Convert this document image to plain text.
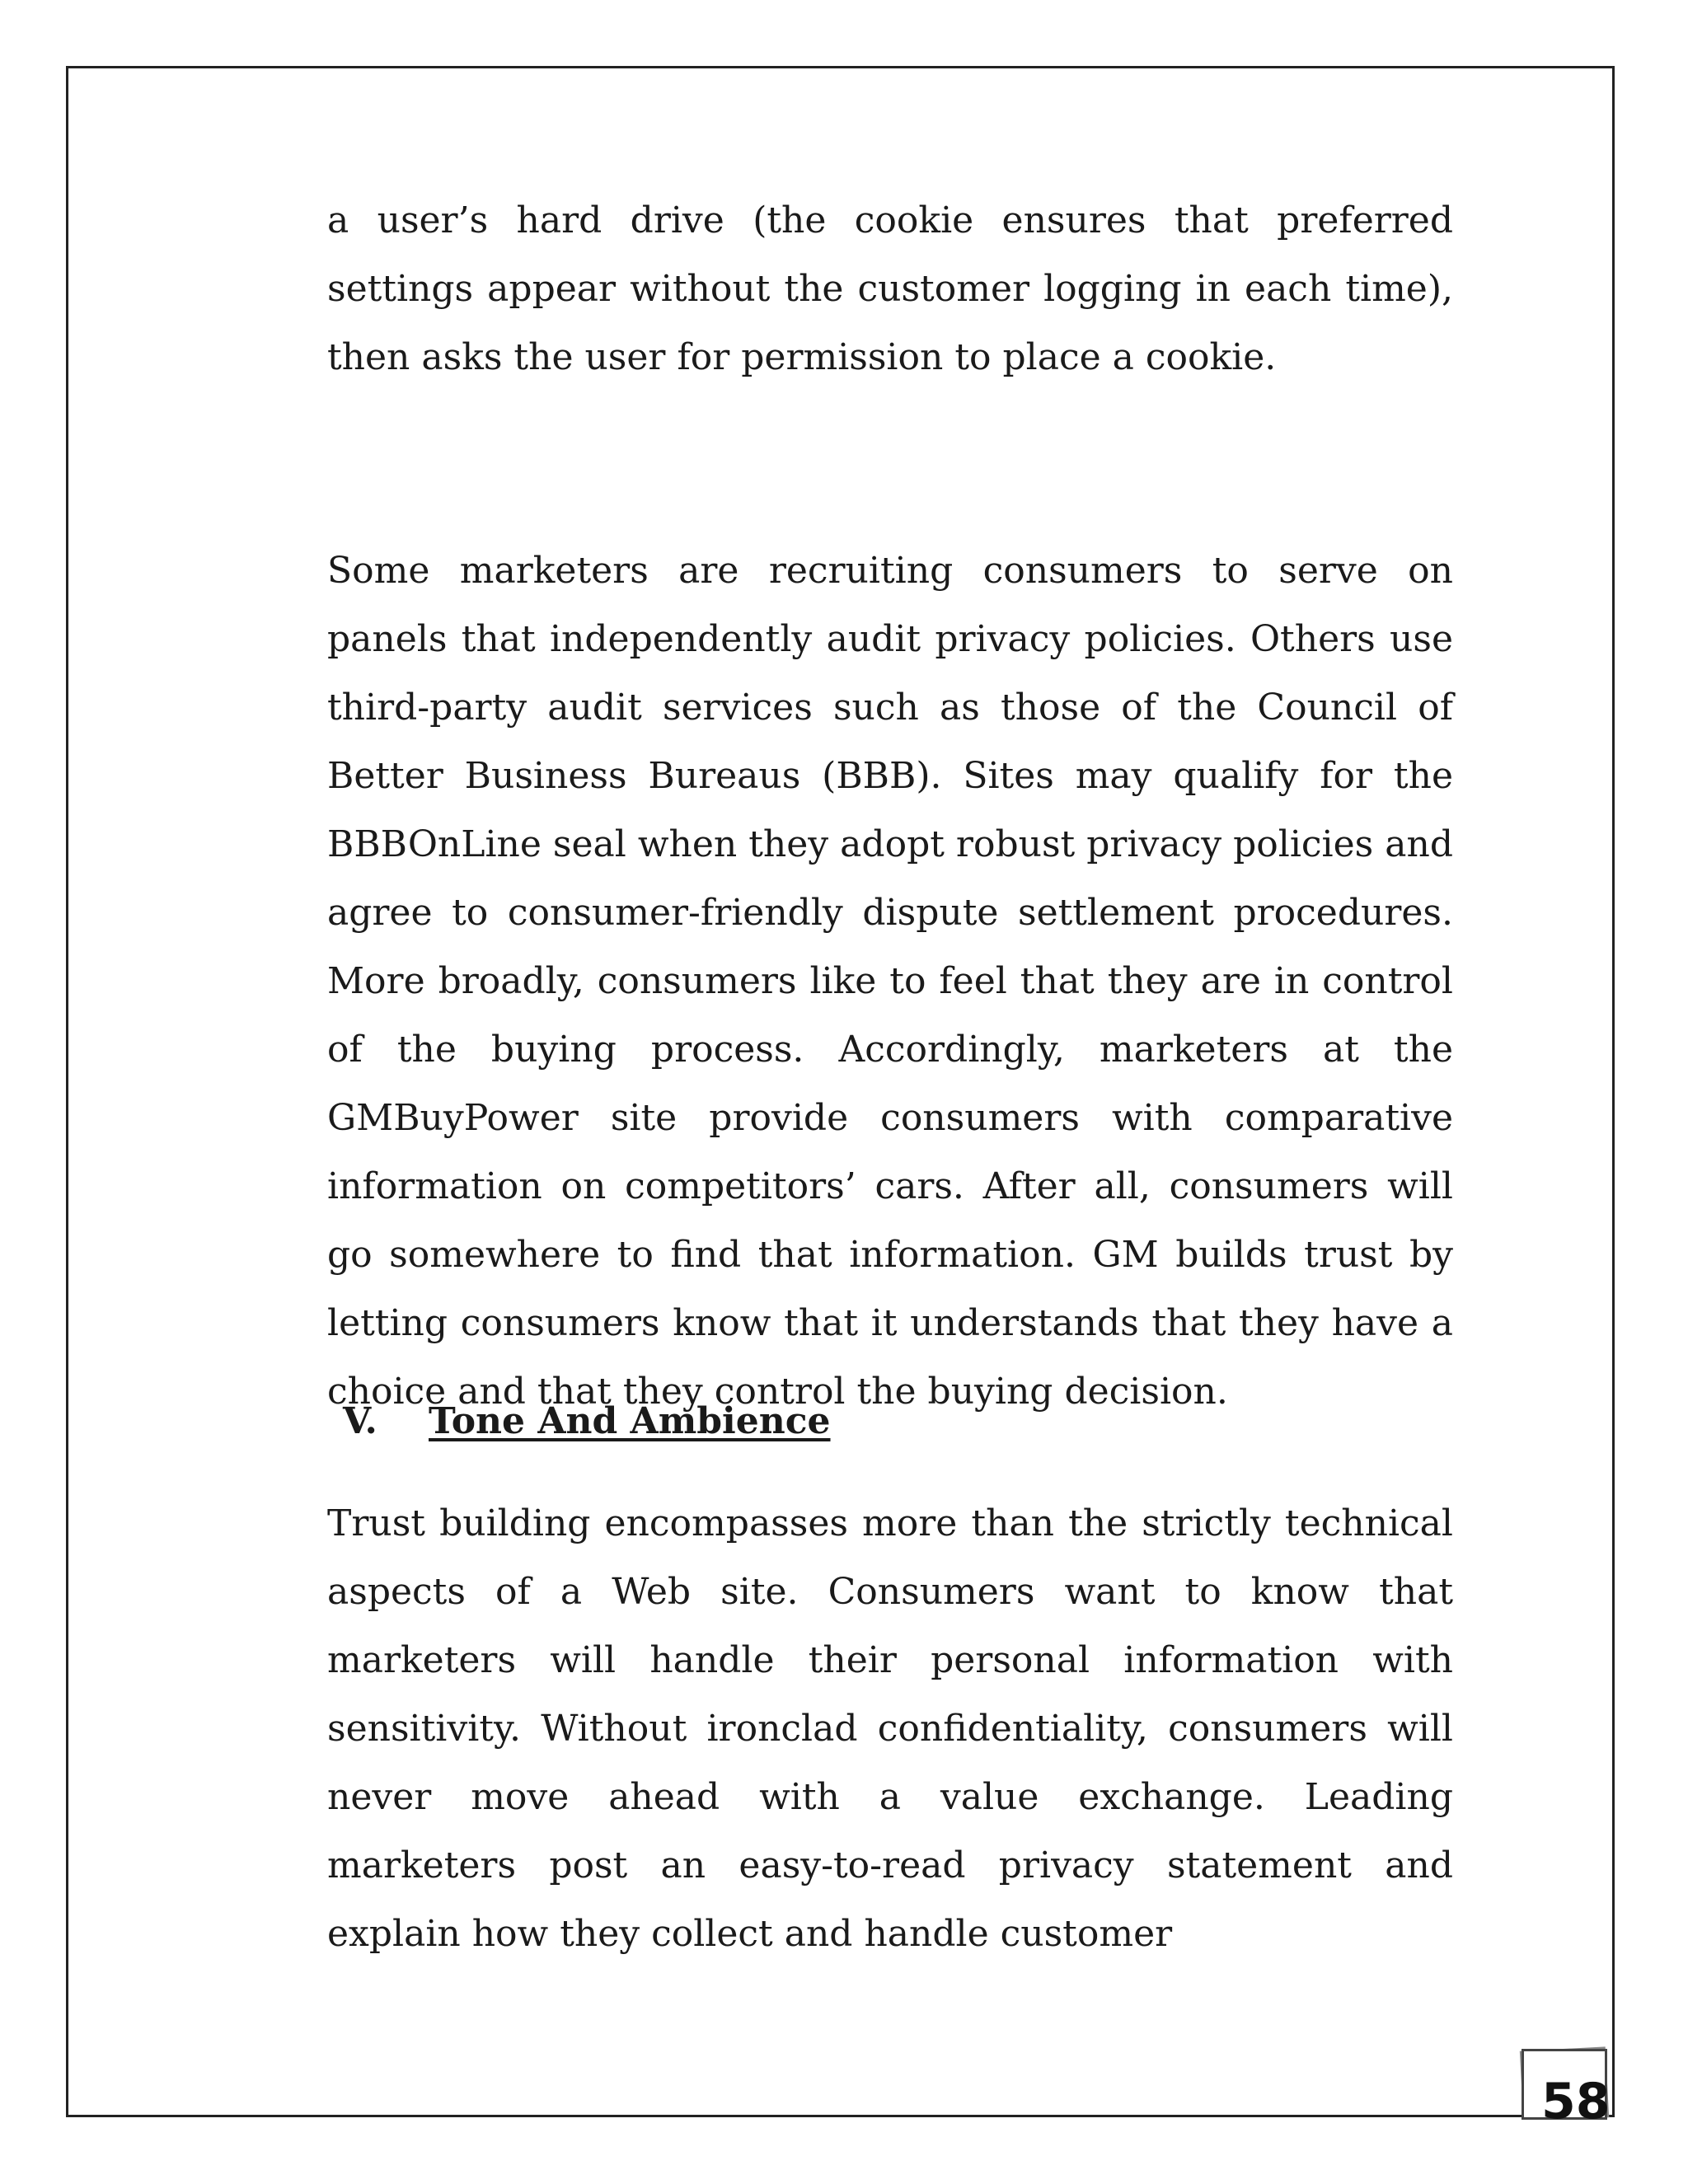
a user’s hard drive (the cookie ensures that preferred settings appear without the customer logging in each time), then asks the user for permission to place a cookie.

Some marketers are recruiting consumers to serve on panels that independently audit privacy policies. Others use third-party audit services such as those of the Council of Better Business Bureaus (BBB). Sites may qualify for the BBBOnLine seal when they adopt robust privacy policies and agree to consumer-friendly dispute settlement procedures. More broadly, consumers like to feel that they are in control of the buying process. Accordingly, marketers at the GMBuyPower site provide consumers with comparative information on competitors’ cars. After all, consumers will go somewhere to find that information. GM builds trust by letting consumers know that it understands that they have a choice and that they control the buying decision.

V. Tone And Ambience

Trust building encompasses more than the strictly technical aspects of a Web site. Consumers want to know that marketers will handle their personal information with sensitivity. Without ironclad confidentiality, consumers will never move ahead with a value exchange. Leading marketers post an easy-to-read privacy statement and explain how they collect and handle customer

58
